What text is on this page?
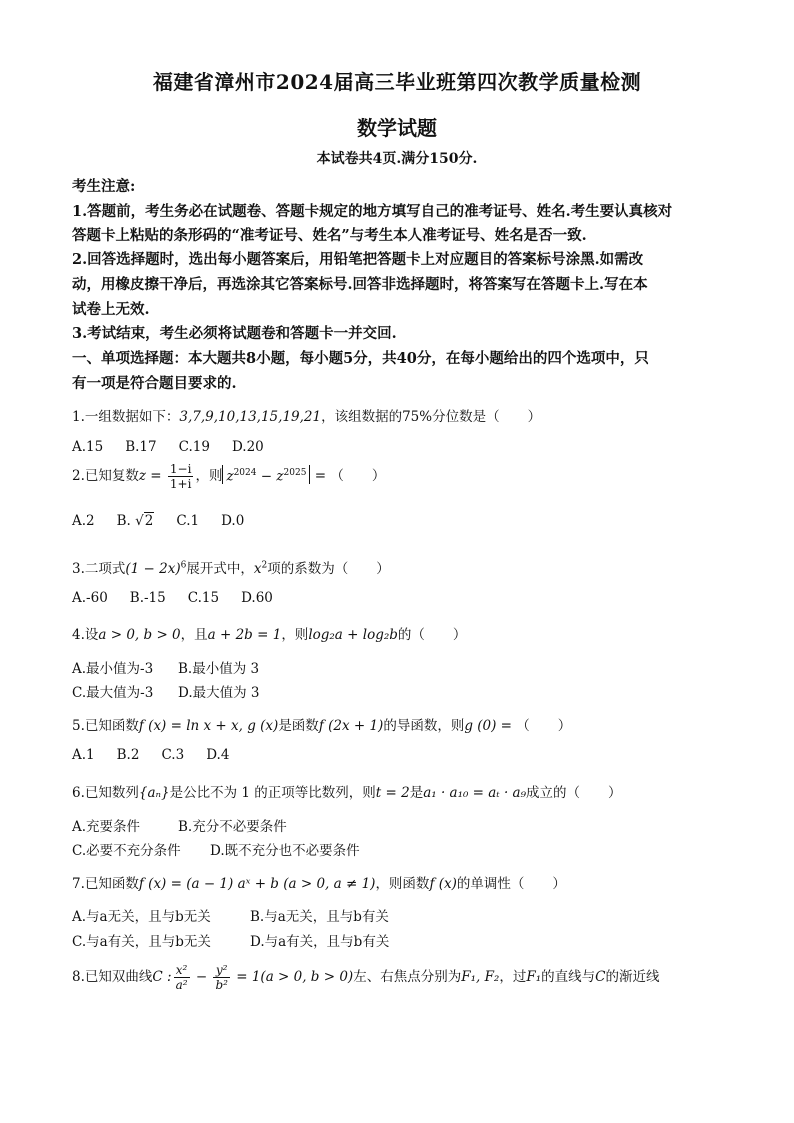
福建省漳州市2024届高三毕业班第四次教学质量检测
数学试题
本试卷共4页.满分150分.
考生注意:
1.答题前，考生务必在试题卷、答题卡规定的地方填写自己的准考证号、姓名.考生要认真核对
答题卡上粘贴的条形码的“准考证号、姓名”与考生本人准考证号、姓名是否一致.
2.回答选择题时，选出每小题答案后，用铅笔把答题卡上对应题目的答案标号涂黑.如需改
动，用橡皮擦干净后，再选涂其它答案标号.回答非选择题时，将答案写在答题卡上.写在本
试卷上无效.
3.考试结束，考生必须将试题卷和答题卡一并交回.
一、单项选择题：本大题共8小题，每小题5分，共40分，在每小题给出的四个选项中，只
有一项是符合题目要求的.
1.一组数据如下：3,7,9,10,13,15,19,21，该组数据的75%分位数是（ ）
A.15 B.17 C.19 D.20
2.已知复数$z = \frac{1-i}{1+i}$ ，则 $z^{2024} - z^{2025}$ = （ ）
A.2 B. √2 C.1 D.0
3.二项式$(1 - 2x)^6$展开式中，$x^2$项的系数为（ ）
A.-60 B.-15 C.15 D.60
4.设a > 0, b > 0，且a + 2b = 1，则log₂a + log₂b的（ ）
A.最小值为-3 B.最小值为 3
C.最大值为-3 D.最大值为 3
5.已知函数f (x) = ln x + x, g (x)是函数f (2x + 1)的导函数，则g (0) = （ ）
A.1 B.2 C.3 D.4
6.已知数列{aₙ}是公比不为 1 的正项等比数列，则t = 2是a₁ · a₁₀ = aₜ · a₉成立的（ ）
A.充要条件	B.充分不必要条件
C.必要不充分条件 D.既不充分也不必要条件
7.已知函数f (x) = (a − 1) aˣ + b (a > 0, a ≠ 1)，则函数f (x)的单调性（ ）
A.与a无关，且与b无关	B.与a无关，且与b有关
C.与a有关，且与b无关	D.与a有关，且与b有关
8.已知双曲线C : $\frac{\text{x²}}{\text{a²}} - \frac{\text{y²}}{\text{b²}} = 1(a > 0$, b > 0)左、右焦点分别为F₁, F₂，过F₁的直线与C的渐近线
